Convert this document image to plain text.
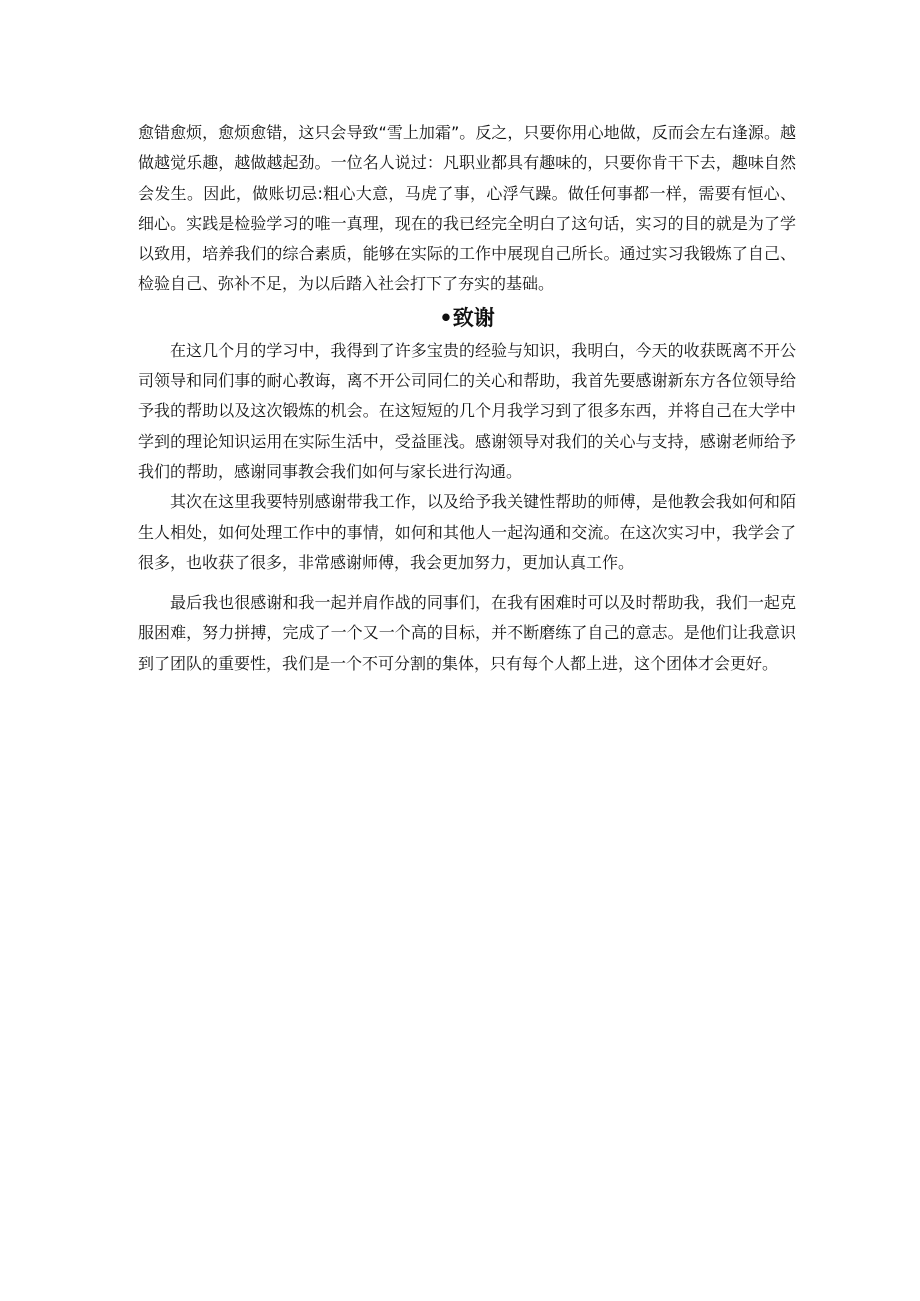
愈错愈烦，愈烦愈错，这只会导致“雪上加霜”。反之，只要你用心地做，反而会左右逢源。越做越觉乐趣，越做越起劲。一位名人说过：凡职业都具有趣味的，只要你肯干下去，趣味自然会发生。因此，做账切忌:粗心大意，马虎了事，心浮气躁。做任何事都一样，需要有恒心、细心。实践是检验学习的唯一真理，现在的我已经完全明白了这句话，实习的目的就是为了学以致用，培养我们的综合素质，能够在实际的工作中展现自己所长。通过实习我锻炼了自己、检验自己、弥补不足，为以后踏入社会打下了夯实的基础。

•致谢

在这几个月的学习中，我得到了许多宝贵的经验与知识，我明白，今天的收获既离不开公司领导和同们事的耐心教诲，离不开公司同仁的关心和帮助，我首先要感谢新东方各位领导给予我的帮助以及这次锻炼的机会。在这短短的几个月我学习到了很多东西，并将自己在大学中学到的理论知识运用在实际生活中，受益匪浅。感谢领导对我们的关心与支持，感谢老师给予我们的帮助，感谢同事教会我们如何与家长进行沟通。

其次在这里我要特别感谢带我工作，以及给予我关键性帮助的师傅，是他教会我如何和陌生人相处，如何处理工作中的事情，如何和其他人一起沟通和交流。在这次实习中，我学会了很多，也收获了很多，非常感谢师傅，我会更加努力，更加认真工作。

最后我也很感谢和我一起并肩作战的同事们，在我有困难时可以及时帮助我，我们一起克服困难，努力拼搏，完成了一个又一个高的目标，并不断磨练了自己的意志。是他们让我意识到了团队的重要性，我们是一个不可分割的集体，只有每个人都上进，这个团体才会更好。
